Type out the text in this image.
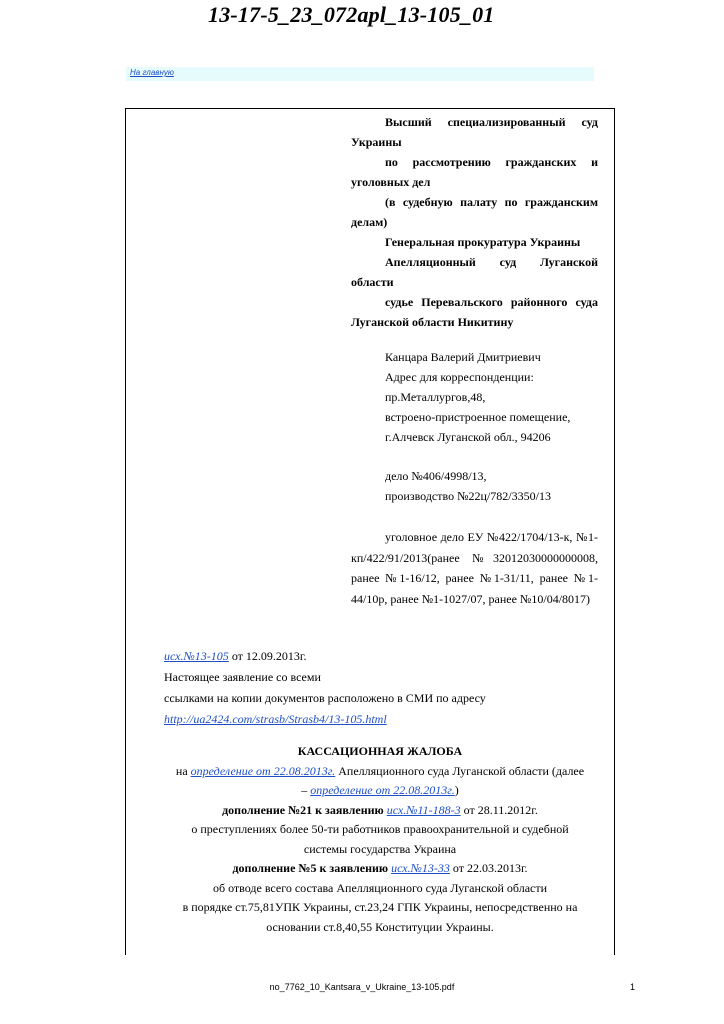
13-17-5_23_072apl_13-105_01
На главную

Высший специализированный суд Украины

по рассмотрению гражданских и уголовных дел

(в судебную палату по гражданским делам)

Генеральная прокуратура Украины

Апелляционный суд Луганской области

судье Перевальского районного суда Луганской области Никитину

Канцара Валерий Дмитриевич

Адрес для корреспонденции:

пр.Металлургов,48,

встроено-пристроенное помещение,

г.Алчевск Луганской обл., 94206

дело №406/4998/13,

производство №22ц/782/3350/13

уголовное дело ЕУ №422/1704/13-к, №1-кп/422/91/2013(ранее №32012030000000008, ранее №1-16/12, ранее №1-31/11, ранее №1-44/10р, ранее №1-1027/07, ранее №10/04/8017)

исх.№13-105 от 12.09.2013г.

Настоящее заявление со всеми

ссылками на копии документов расположено в СМИ по адресу

http://ua2424.com/strasb/Strasb4/13-105.html

КАССАЦИОННАЯ ЖАЛОБА

на определение от 22.08.2013г. Апелляционного суда Луганской области (далее

– определение от 22.08.2013г.)

дополнение №21 к заявлению исх.№11-188-3 от 28.11.2012г.

о преступлениях более 50-ти работников правоохранительной и судебной

системы государства Украина

дополнение №5 к заявлению исх.№13-33 от 22.03.2013г.

об отводе всего состава Апелляционного суда Луганской области

в порядке ст.75,81УПК Украины, ст.23,24 ГПК Украины, непосредственно на

основании ст.8,40,55 Конституции Украины.

no_7762_10_Kantsara_v_Ukraine_13-105.pdf	1
